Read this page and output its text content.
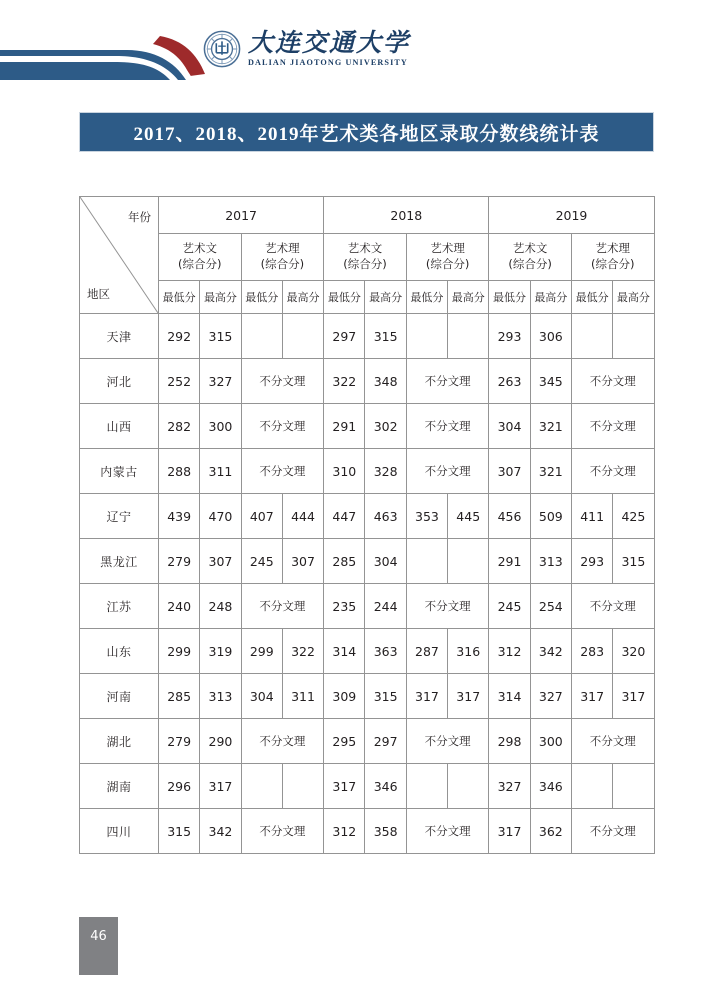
大连交通大学
DALIAN JIAOTONG UNIVERSITY
2017、2018、2019年艺术类各地区录取分数线统计表
年份
地区	2017				2018				2019			

艺术文
(综合分)

艺术理
(综合分)

艺术文
(综合分)

艺术理
(综合分)

艺术文
(综合分)

艺术理
(综合分)

	最低分	最高分	最低分	最高分	最低分	最高分	最低分	最高分	最低分	最高分	最低分	最高分
天津	292	315			297	315			293	306		
河北	252	327	不分文理		322	348	不分文理		263	345	不分文理	
山西	282	300	不分文理		291	302	不分文理		304	321	不分文理	
内蒙古	288	311	不分文理		310	328	不分文理		307	321	不分文理	
辽宁	439	470	407	444	447	463	353	445	456	509	411	425
黑龙江	279	307	245	307	285	304			291	313	293	315
江苏	240	248	不分文理		235	244	不分文理		245	254	不分文理	
山东	299	319	299	322	314	363	287	316	312	342	283	320
河南	285	313	304	311	309	315	317	317	314	327	317	317
湖北	279	290	不分文理		295	297	不分文理		298	300	不分文理	
湖南	296	317			317	346			327	346		
四川	315	342	不分文理		312	358	不分文理		317	362	不分文理	
46
